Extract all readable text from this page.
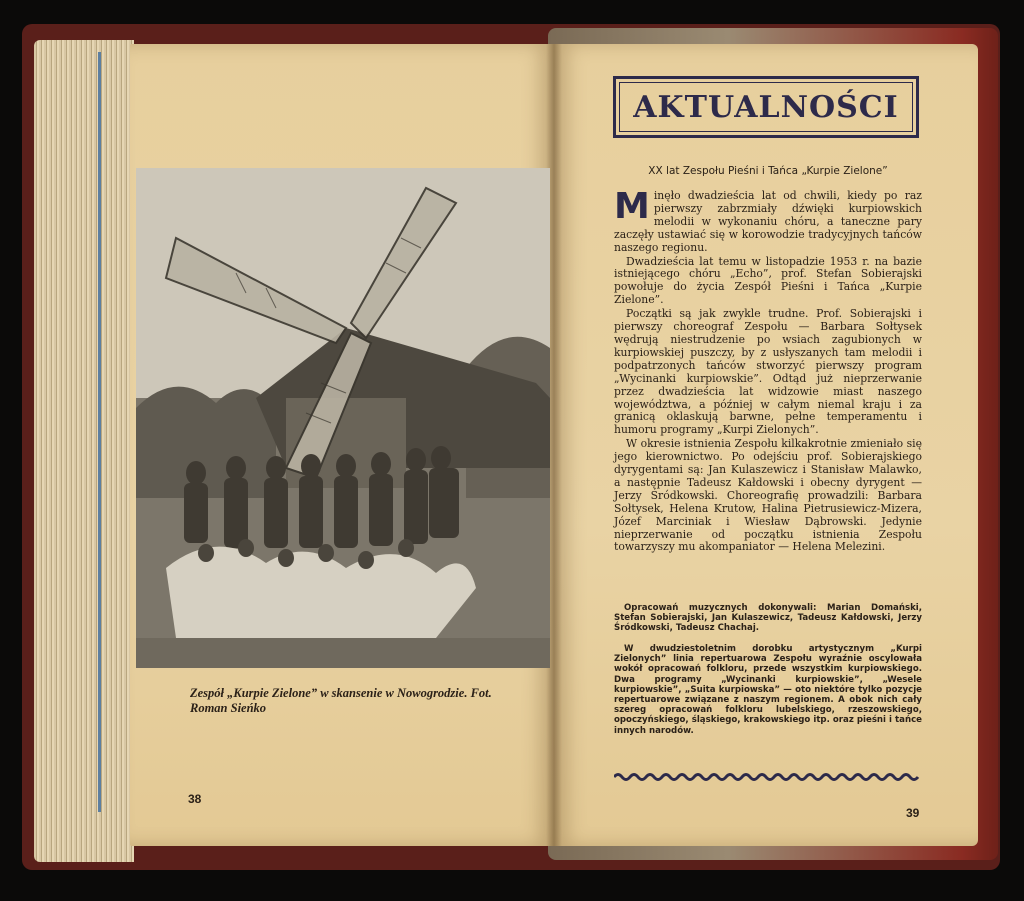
Zespół „Kurpie Zielone” w skansenie w Nowogrodzie. Fot. Roman Sieńko
38
AKTUALNOŚCI
XX lat Zespołu Pieśni i Tańca „Kurpie Zielone”

Minęło dwadzieścia lat od chwili, kiedy po raz pierwszy zabrzmiały dźwięki kurpiowskich melodii w wykonaniu chóru, a taneczne pary zaczęły ustawiać się w korowodzie tradycyjnych tańców naszego regionu.

Dwadzieścia lat temu w listopadzie 1953 r. na bazie istniejącego chóru „Echo”, prof. Stefan Sobierajski powołuje do życia Zespół Pieśni i Tańca „Kurpie Zielone”.

Początki są jak zwykle trudne. Prof. Sobierajski i pierwszy choreograf Zespołu — Barbara Sołtysek wędrują niestrudzenie po wsiach zagubionych w kurpiowskiej puszczy, by z usłyszanych tam melodii i podpatrzonych tańców stworzyć pierwszy program „Wycinanki kurpiowskie”. Odtąd już nieprzerwanie przez dwadzieścia lat widzowie miast naszego województwa, a później w całym niemal kraju i za granicą oklaskują barwne, pełne temperamentu i humoru programy „Kurpi Zielonych”.

W okresie istnienia Zespołu kilkakrotnie zmieniało się jego kierownictwo. Po odejściu prof. Sobierajskiego dyrygentami są: Jan Kulaszewicz i Stanisław Malawko, a następnie Tadeusz Kałdowski i obecny dyrygent — Jerzy Śródkowski. Choreografię prowadzili: Barbara Sołtysek, Helena Krutow, Halina Pietrusiewicz-Mizera, Józef Marciniak i Wiesław Dąbrowski. Jedynie nieprzerwanie od początku istnienia Zespołu towarzyszy mu akompaniator — Helena Melezini.

Opracowań muzycznych dokonywali: Marian Domański, Stefan Sobierajski, Jan Kulaszewicz, Tadeusz Kałdowski, Jerzy Śródkowski, Tadeusz Chachaj.

W dwudziestoletnim dorobku artystycznym „Kurpi Zielonych” linia repertuarowa Zespołu wyraźnie oscylowała wokół opracowań folkloru, przede wszystkim kurpiowskiego. Dwa programy „Wycinanki kurpiowskie”, „Wesele kurpiowskie”, „Suita kurpiowska” — oto niektóre tylko pozycje repertuarowe związane z naszym regionem. A obok nich cały szereg opracowań folkloru lubelskiego, rzeszowskiego, opoczyńskiego, śląskiego, krakowskiego itp. oraz pieśni i tańce innych narodów.

39
